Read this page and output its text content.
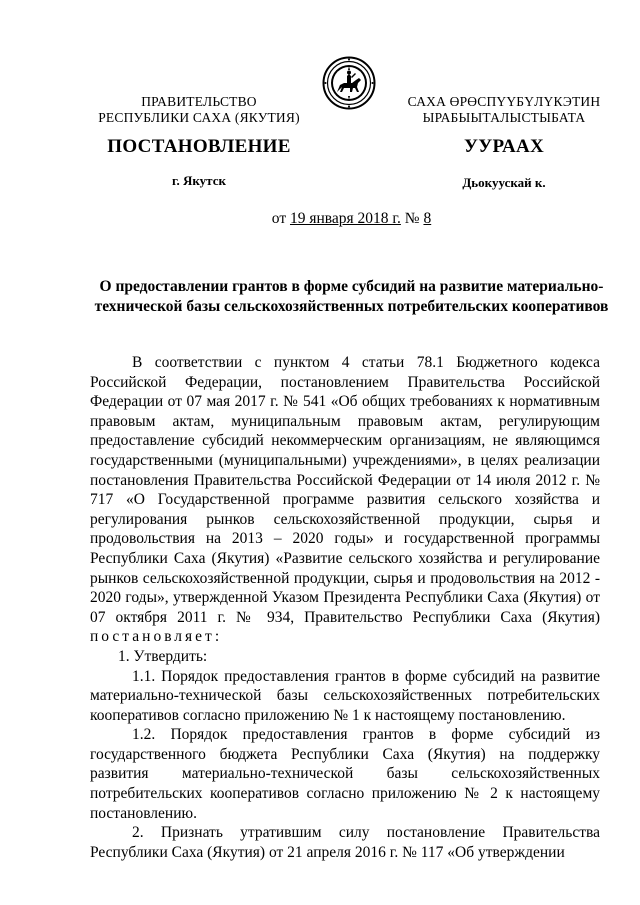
ПРАВИТЕЛЬСТВО
РЕСПУБЛИКИ САХА (ЯКУТИЯ)
САХА ӨРӨСПҮҮБҮЛҮКЭТИН
ЫРАБЫЫТАЛЫСТЫБАТА
ПОСТАНОВЛЕНИЕ	УУРААХ
г. Якутск	Дьокуускай к.
от 19 января 2018 г. № 8
О предоставлении грантов в форме субсидий на развитие материально-
технической базы сельскохозяйственных потребительских кооперативов

В соответствии с пунктом 4 статьи 78.1 Бюджетного кодекса Российской Федерации, постановлением Правительства Российской Федерации от 07 мая 2017 г. № 541 «Об общих требованиях к нормативным правовым актам, муниципальным правовым актам, регулирующим предоставление субсидий некоммерческим организациям, не являющимся государственными (муниципальными) учреждениями», в целях реализации постановления Правительства Российской Федерации от 14 июля 2012 г. № 717 «О Государственной программе развития сельского хозяйства и регулирования рынков сельскохозяйственной продукции, сырья и продовольствия на 2013 – 2020 годы» и государственной программы Республики Саха (Якутия) «Развитие сельского хозяйства и регулирование рынков сельскохозяйственной продукции, сырья и продовольствия на 2012 - 2020 годы», утвержденной Указом Президента Республики Саха (Якутия) от 07 октября 2011 г. № 934, Правительство Республики Саха (Якутия) постановляет:

1. Утвердить:

1.1. Порядок предоставления грантов в форме субсидий на развитие материально-технической базы сельскохозяйственных потребительских кооперативов согласно приложению № 1 к настоящему постановлению.

1.2. Порядок предоставления грантов в форме субсидий из государственного бюджета Республики Саха (Якутия) на поддержку развития материально-технической базы сельскохозяйственных потребительских кооперативов согласно приложению № 2 к настоящему постановлению.

2. Признать утратившим силу постановление Правительства Республики Саха (Якутия) от 21 апреля 2016 г. № 117 «Об утверждении
